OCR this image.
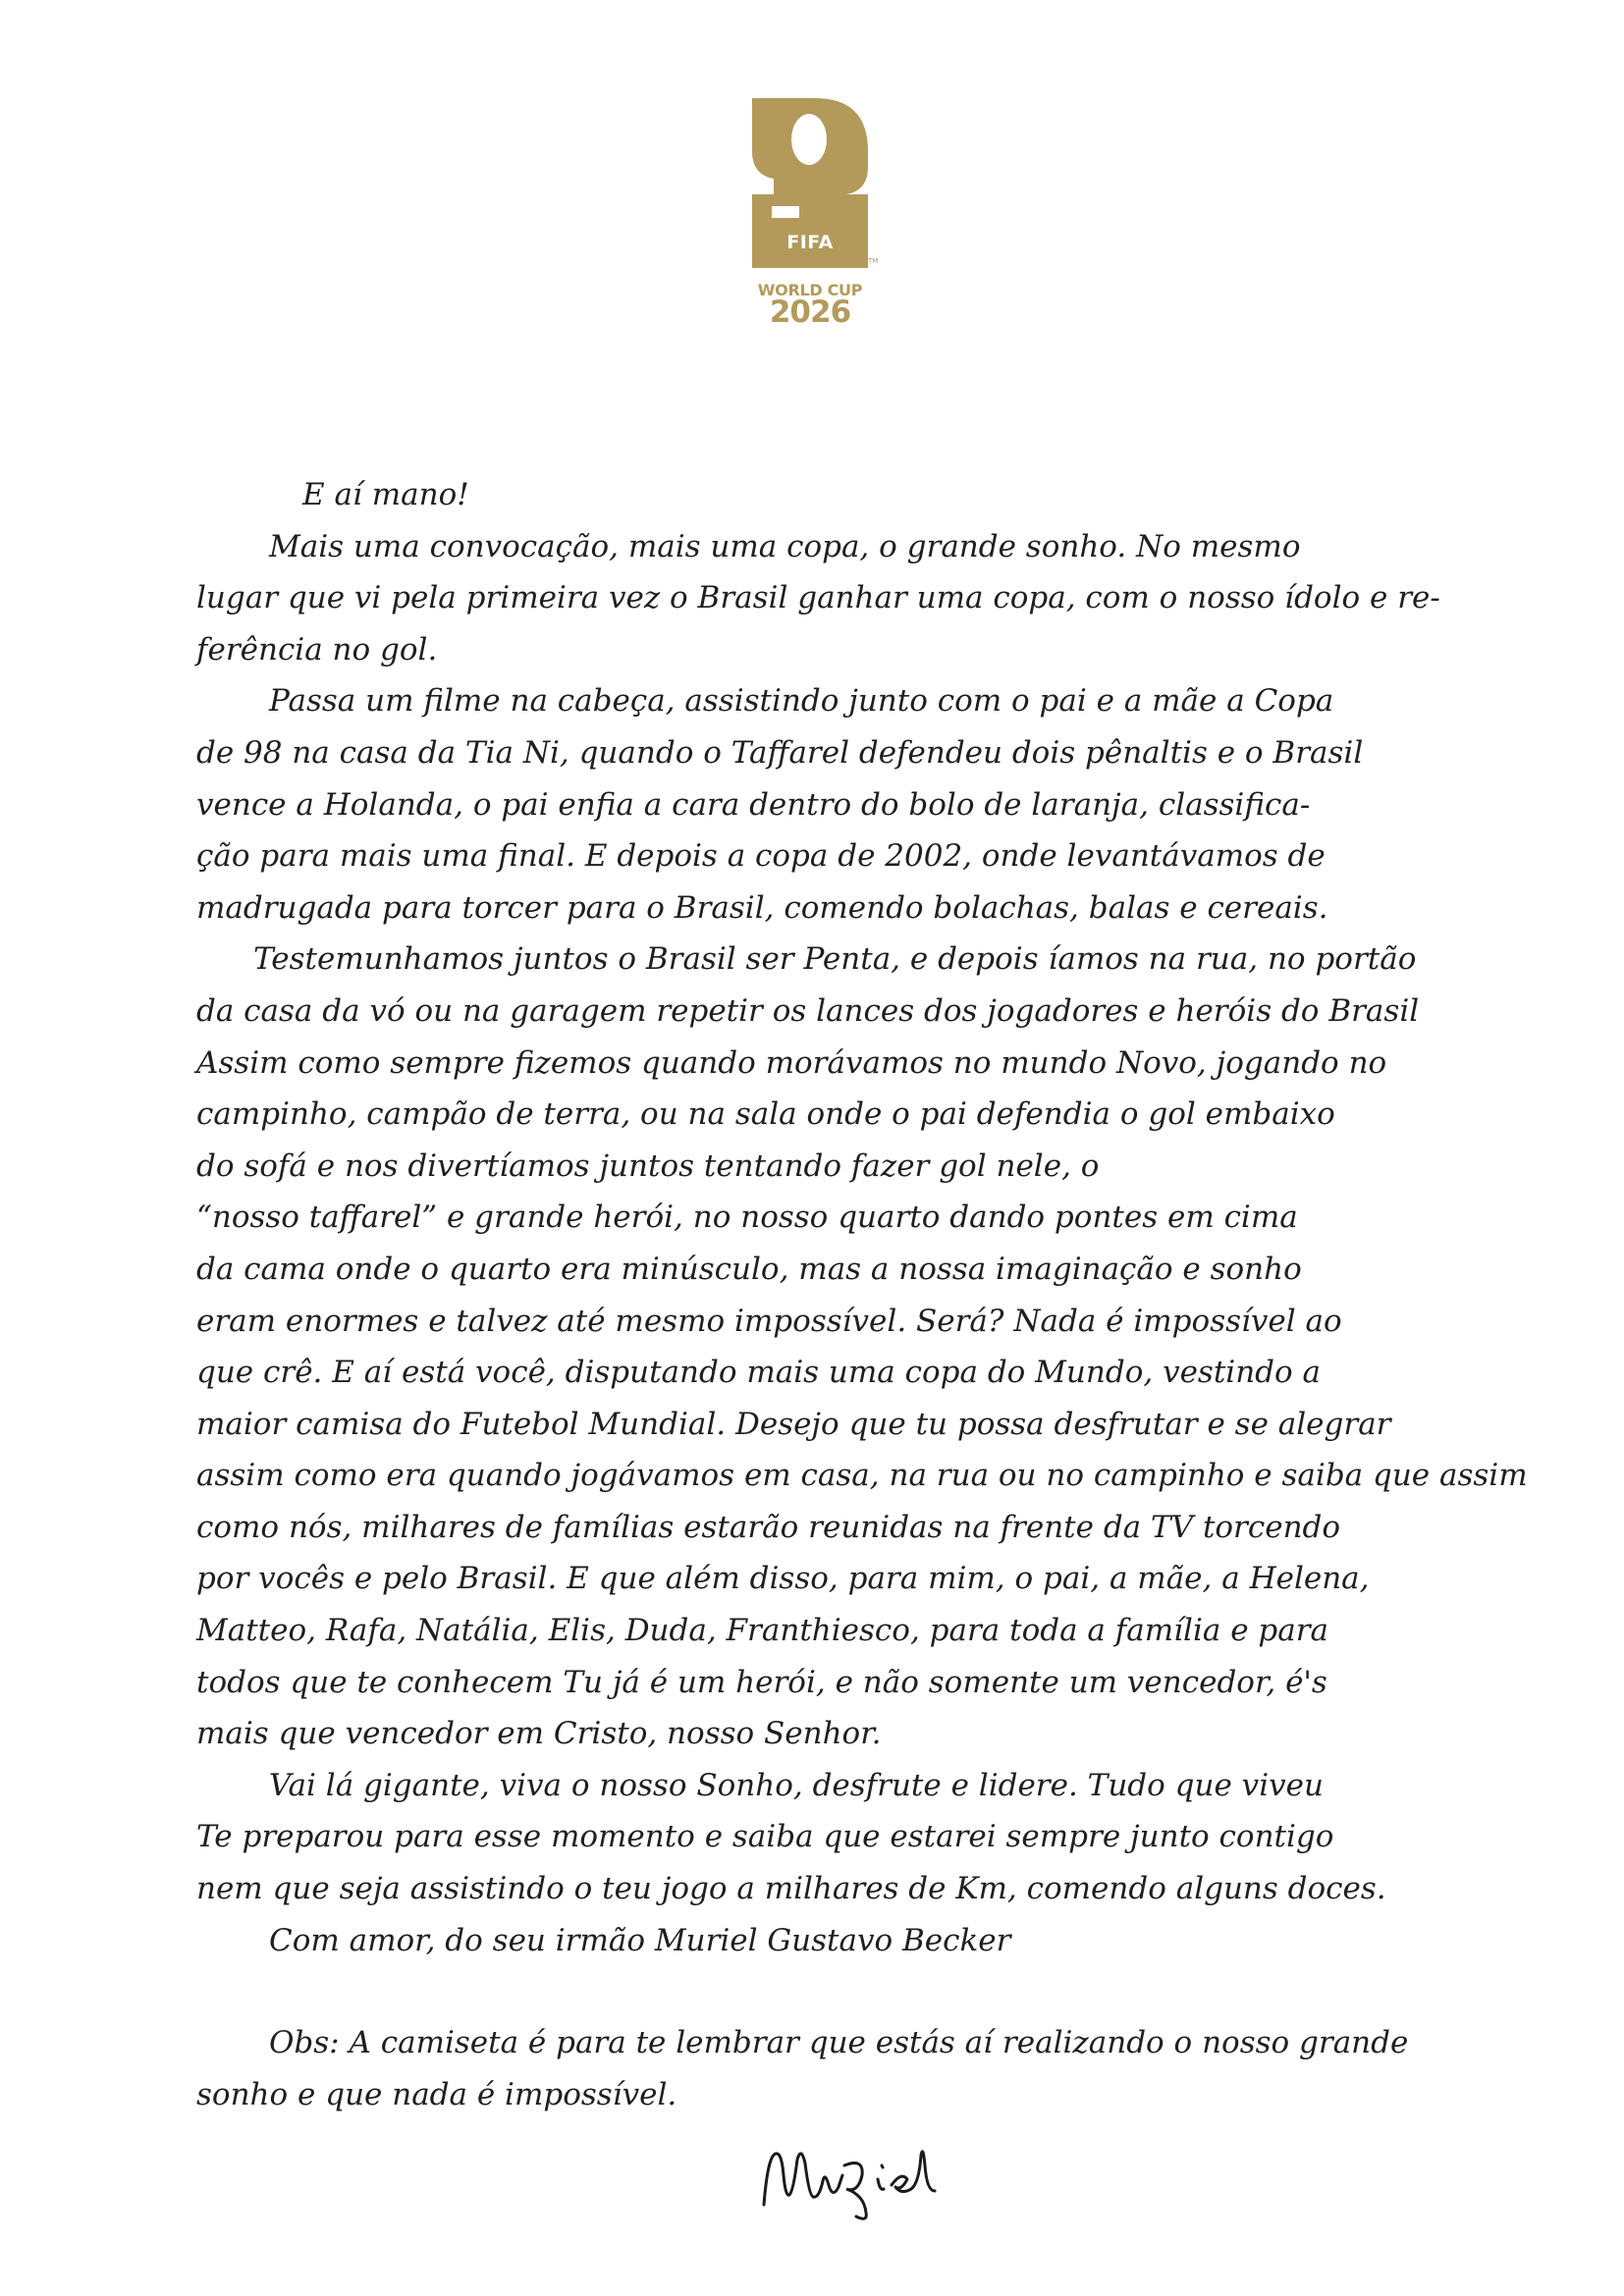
FIFA
TM
WORLD CUP
2026
E aí mano!
Mais uma convocação, mais uma copa, o grande sonho. No mesmo
lugar que vi pela primeira vez o Brasil ganhar uma copa, com o nosso ídolo e re-
ferência no gol.
Passa um filme na cabeça, assistindo junto com o pai e a mãe a Copa
de 98 na casa da Tia Ni, quando o Taffarel defendeu dois pênaltis e o Brasil
vence a Holanda, o pai enfia a cara dentro do bolo de laranja, classifica-
ção para mais uma final. E depois a copa de 2002, onde levantávamos de
madrugada para torcer para o Brasil, comendo bolachas, balas e cereais.
Testemunhamos juntos o Brasil ser Penta, e depois íamos na rua, no portão
da casa da vó ou na garagem repetir os lances dos jogadores e heróis do Brasil
Assim como sempre fizemos quando morávamos no mundo Novo, jogando no
campinho, campão de terra, ou na sala onde o pai defendia o gol embaixo
do sofá e nos divertíamos juntos tentando fazer gol nele, o
“nosso taffarel” e grande herói, no nosso quarto dando pontes em cima
da cama onde o quarto era minúsculo, mas a nossa imaginação e sonho
eram enormes e talvez até mesmo impossível. Será? Nada é impossível ao
que crê. E aí está você, disputando mais uma copa do Mundo, vestindo a
maior camisa do Futebol Mundial. Desejo que tu possa desfrutar e se alegrar
assim como era quando jogávamos em casa, na rua ou no campinho e saiba que assim
como nós, milhares de famílias estarão reunidas na frente da TV torcendo
por vocês e pelo Brasil. E que além disso, para mim, o pai, a mãe, a Helena,
Matteo, Rafa, Natália, Elis, Duda, Franthiesco, para toda a família e para
todos que te conhecem Tu já é um herói, e não somente um vencedor, é's
mais que vencedor em Cristo, nosso Senhor.
Vai lá gigante, viva o nosso Sonho, desfrute e lidere. Tudo que viveu
Te preparou para esse momento e saiba que estarei sempre junto contigo
nem que seja assistindo o teu jogo a milhares de Km, comendo alguns doces.
Com amor, do seu irmão Muriel Gustavo Becker
Obs: A camiseta é para te lembrar que estás aí realizando o nosso grande
sonho e que nada é impossível.
